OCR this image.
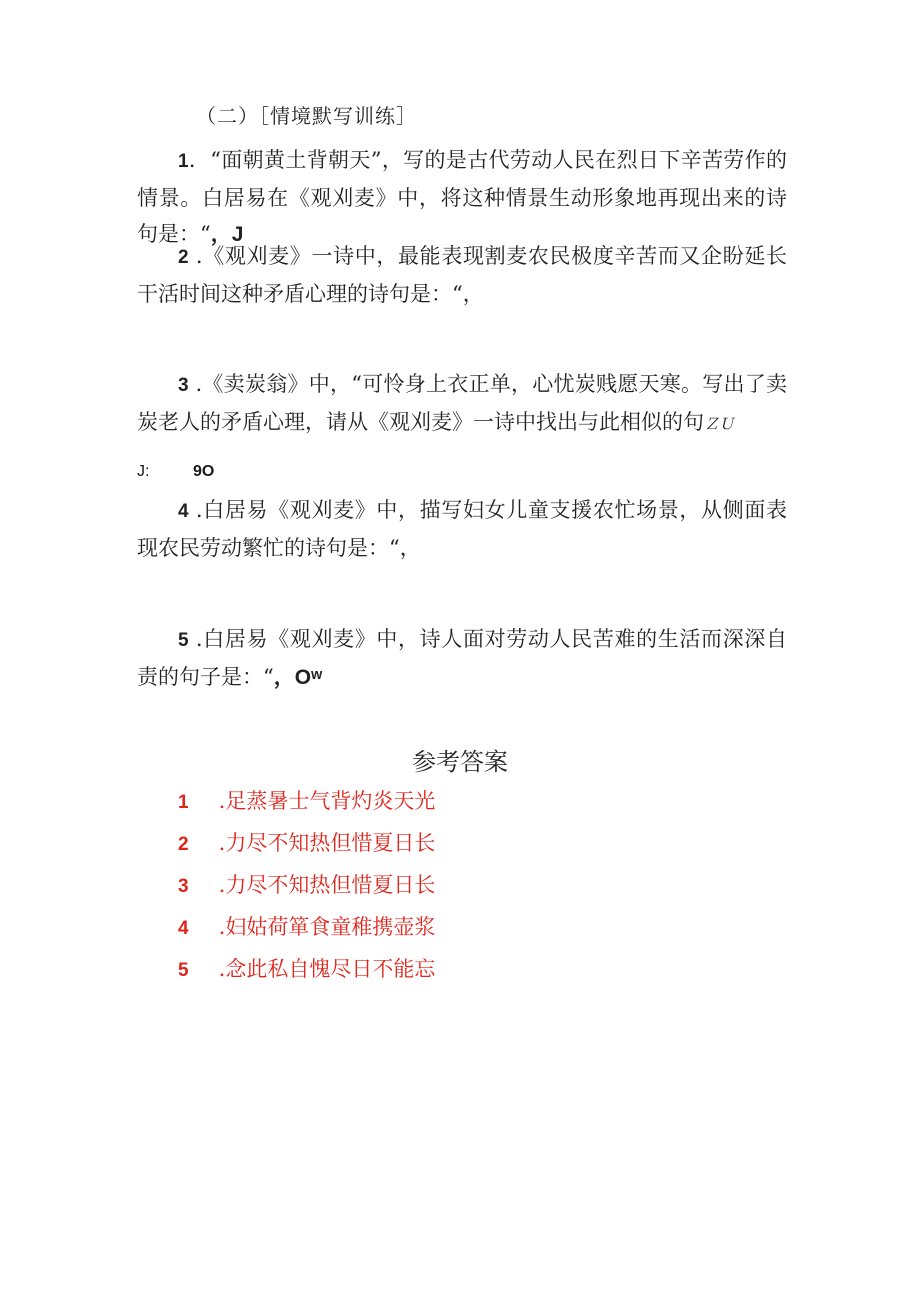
（二）［情境默写训练］

1．“面朝黄土背朝天”，写的是古代劳动人民在烈日下辛苦劳作的情景。白居易在《观刈麦》中，将这种情景生动形象地再现出来的诗句是：“，J

2 .《观刈麦》一诗中，最能表现割麦农民极度辛苦而又企盼延长干活时间这种矛盾心理的诗句是：“，

3 .《卖炭翁》中，“可怜身上衣正单，心忧炭贱愿天寒。写出了卖炭老人的矛盾心理，请从《观刈麦》一诗中找出与此相似的句ＺＵ

J:	9O

4 .白居易《观刈麦》中，描写妇女儿童支援农忙场景，从侧面表现农民劳动繁忙的诗句是：“，

5 .白居易《观刈麦》中，诗人面对劳动人民苦难的生活而深深自责的句子是：“，Oʷ

参考答案
1 .足蒸暑士气背灼炎天光
2 .力尽不知热但惜夏日长
3 .力尽不知热但惜夏日长
4 .妇姑荷箪食童稚携壶浆
5 .念此私自愧尽日不能忘
